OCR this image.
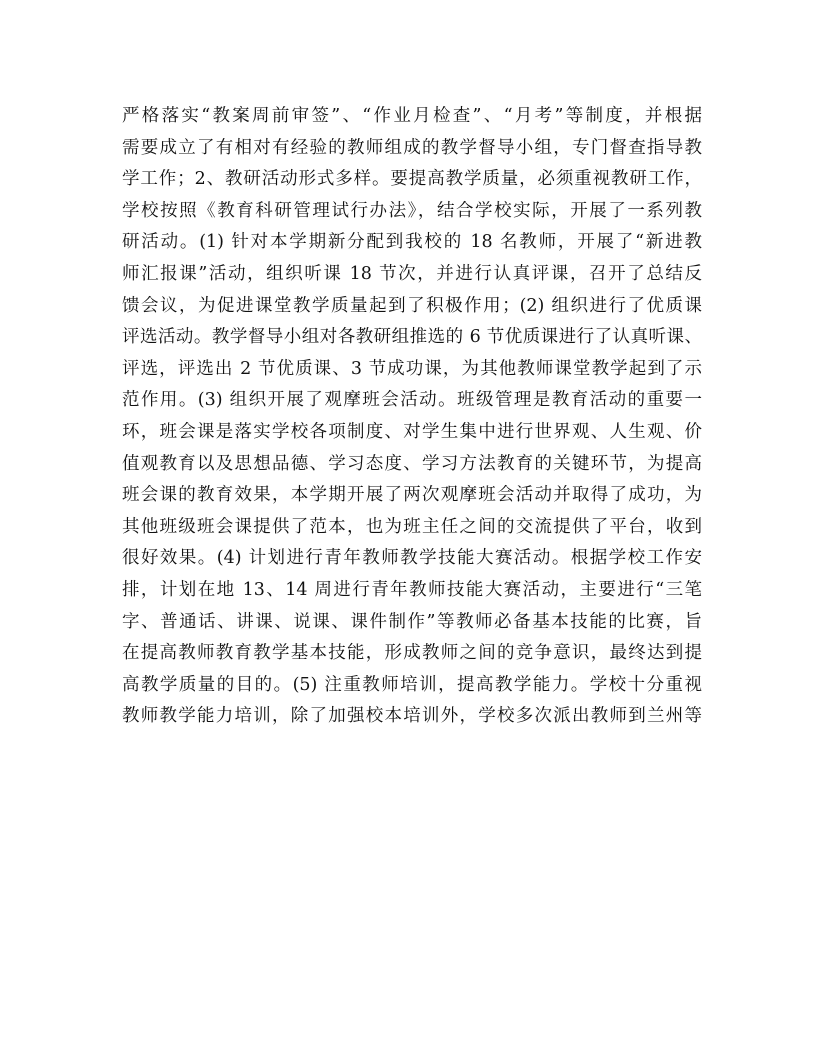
严格落实“教案周前审签”、“作业月检查”、“月考”等制度，并根据
需要成立了有相对有经验的教师组成的教学督导小组，专门督查指导教
学工作；2、教研活动形式多样。要提高教学质量，必须重视教研工作，
学校按照《教育科研管理试行办法》，结合学校实际，开展了一系列教
研活动。(1) 针对本学期新分配到我校的 18 名教师，开展了“新进教
师汇报课”活动，组织听课 18 节次，并进行认真评课，召开了总结反
馈会议，为促进课堂教学质量起到了积极作用；(2) 组织进行了优质课
评选活动。教学督导小组对各教研组推选的 6 节优质课进行了认真听课、
评选，评选出 2 节优质课、3 节成功课，为其他教师课堂教学起到了示
范作用。(3) 组织开展了观摩班会活动。班级管理是教育活动的重要一
环，班会课是落实学校各项制度、对学生集中进行世界观、人生观、价
值观教育以及思想品德、学习态度、学习方法教育的关键环节，为提高
班会课的教育效果，本学期开展了两次观摩班会活动并取得了成功，为
其他班级班会课提供了范本，也为班主任之间的交流提供了平台，收到
很好效果。(4) 计划进行青年教师教学技能大赛活动。根据学校工作安
排，计划在地 13、14 周进行青年教师技能大赛活动，主要进行“三笔
字、普通话、讲课、说课、课件制作”等教师必备基本技能的比赛，旨
在提高教师教育教学基本技能，形成教师之间的竞争意识，最终达到提
高教学质量的目的。(5) 注重教师培训，提高教学能力。学校十分重视
教师教学能力培训，除了加强校本培训外，学校多次派出教师到兰州等
